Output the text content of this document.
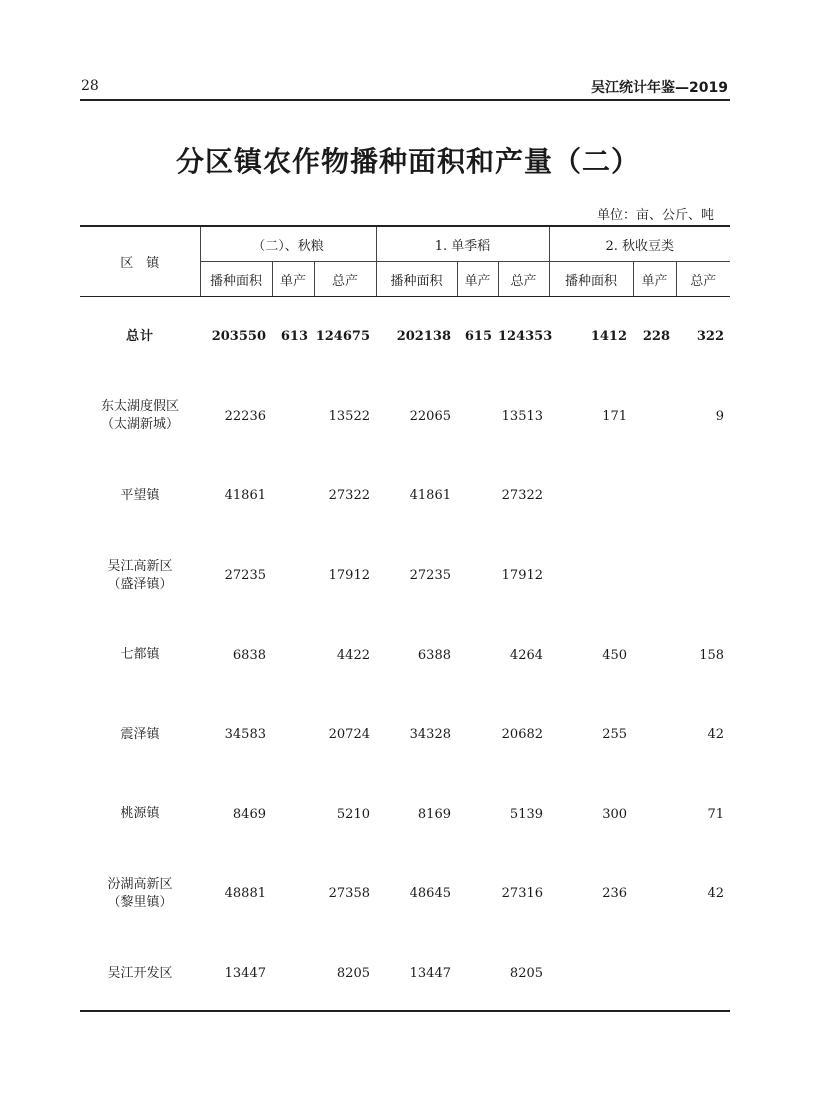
28	吴江统计年鉴—2019
分区镇农作物播种面积和产量（二）
单位：亩、公斤、吨
区　镇	（二）、秋粮			1. 单季稻			2. 秋收豆类		
	播种面积	单产	总产	播种面积	单产	总产	播种面积	单产	总产

总计	203550	613	124675	202138	615	124353	1412	228	322

东太湖度假区
（太湖新城）	22236		13522	22065		13513	171		9

平望镇	41861		27322	41861		27322			

吴江高新区
（盛泽镇）	27235		17912	27235		17912			

七都镇	6838		4422	6388		4264	450		158

震泽镇	34583		20724	34328		20682	255		42

桃源镇	8469		5210	8169		5139	300		71

汾湖高新区
（黎里镇）	48881		27358	48645		27316	236		42

吴江开发区	13447		8205	13447		8205			
